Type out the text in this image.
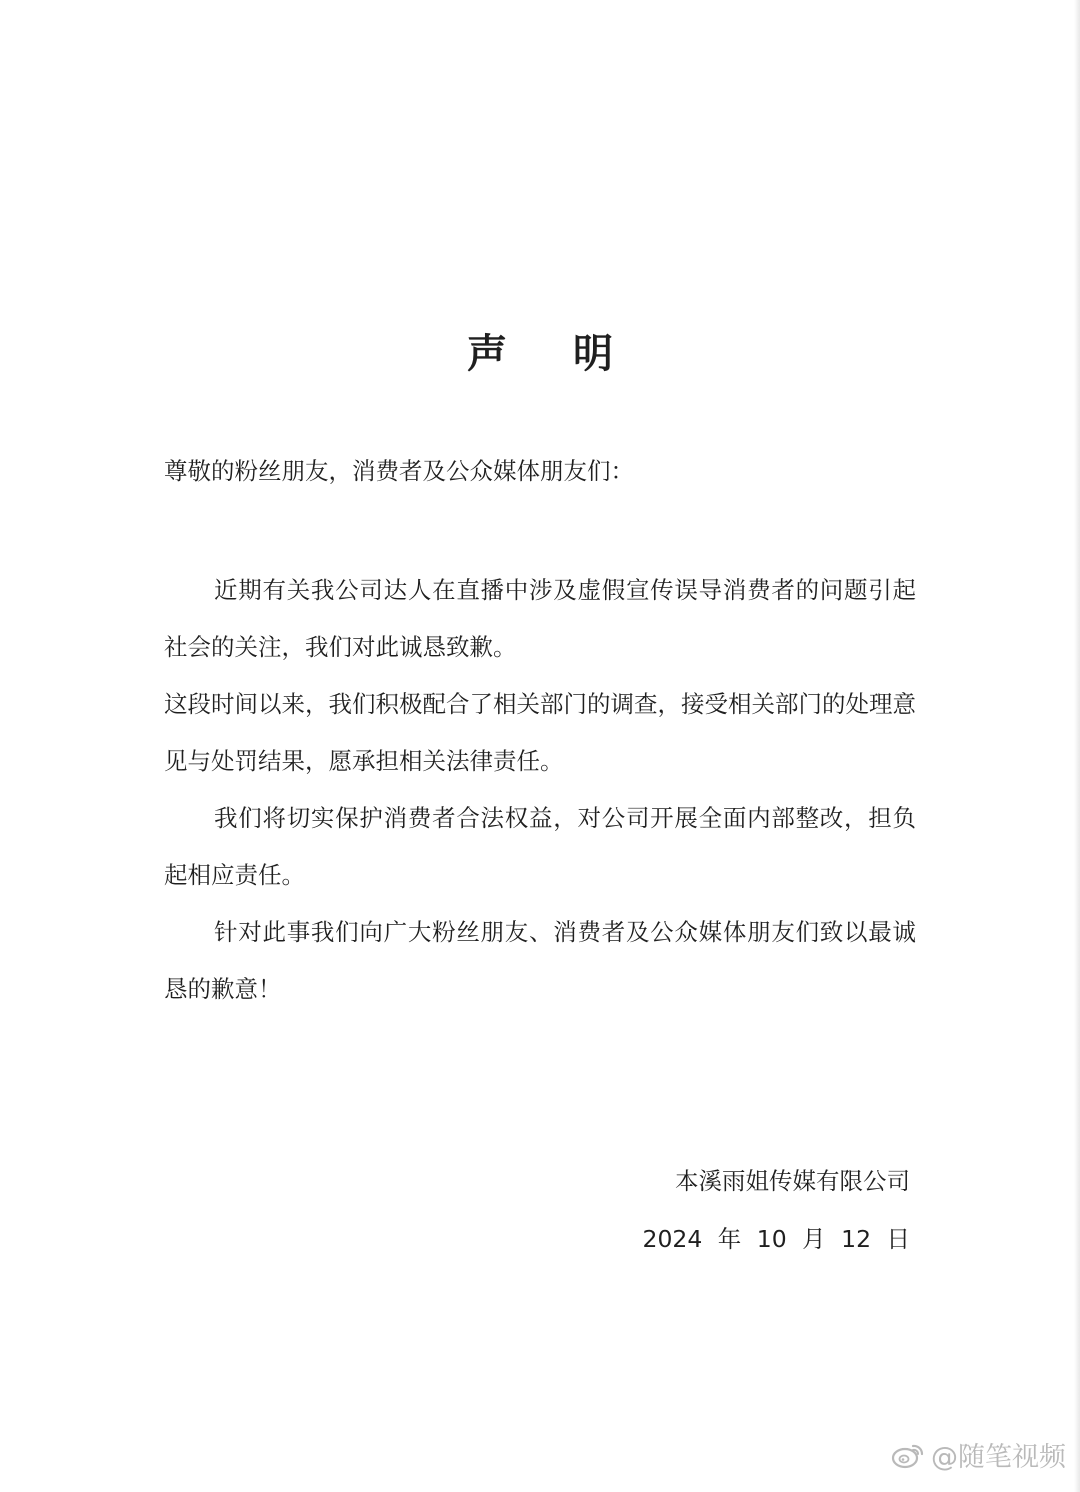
声 明

尊敬的粉丝朋友，消费者及公众媒体朋友们：

近期有关我公司达人在直播中涉及虚假宣传误导消费者的问题引起社会的关注，我们对此诚恳致歉。

这段时间以来，我们积极配合了相关部门的调查，接受相关部门的处理意见与处罚结果，愿承担相关法律责任。

我们将切实保护消费者合法权益，对公司开展全面内部整改，担负起相应责任。

针对此事我们向广大粉丝朋友、消费者及公众媒体朋友们致以最诚恳的歉意！

本溪雨姐传媒有限公司

2024 年 10 月 12 日

@随笔视频
